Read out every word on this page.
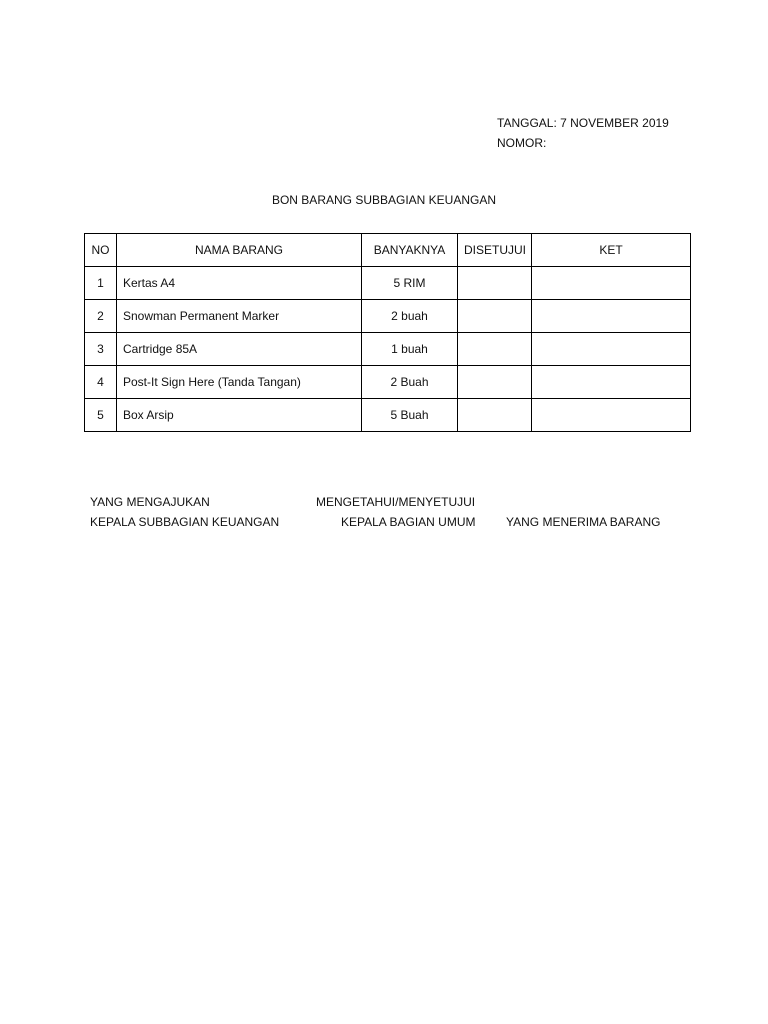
TANGGAL: 7 NOVEMBER 2019
NOMOR:
BON BARANG SUBBAGIAN KEUANGAN
NO	NAMA BARANG	BANYAKNYA	DISETUJUI	KET
1	Kertas A4	5 RIM		
2	Snowman Permanent Marker	2 buah		
3	Cartridge 85A	1 buah		
4	Post-It Sign Here (Tanda Tangan)	2 Buah		
5	Box Arsip	5 Buah		
YANG MENGAJUKAN	MENGETAHUI/MENYETUJUI
KEPALA SUBBAGIAN KEUANGAN	KEPALA BAGIAN UMUM	YANG MENERIMA BARANG
